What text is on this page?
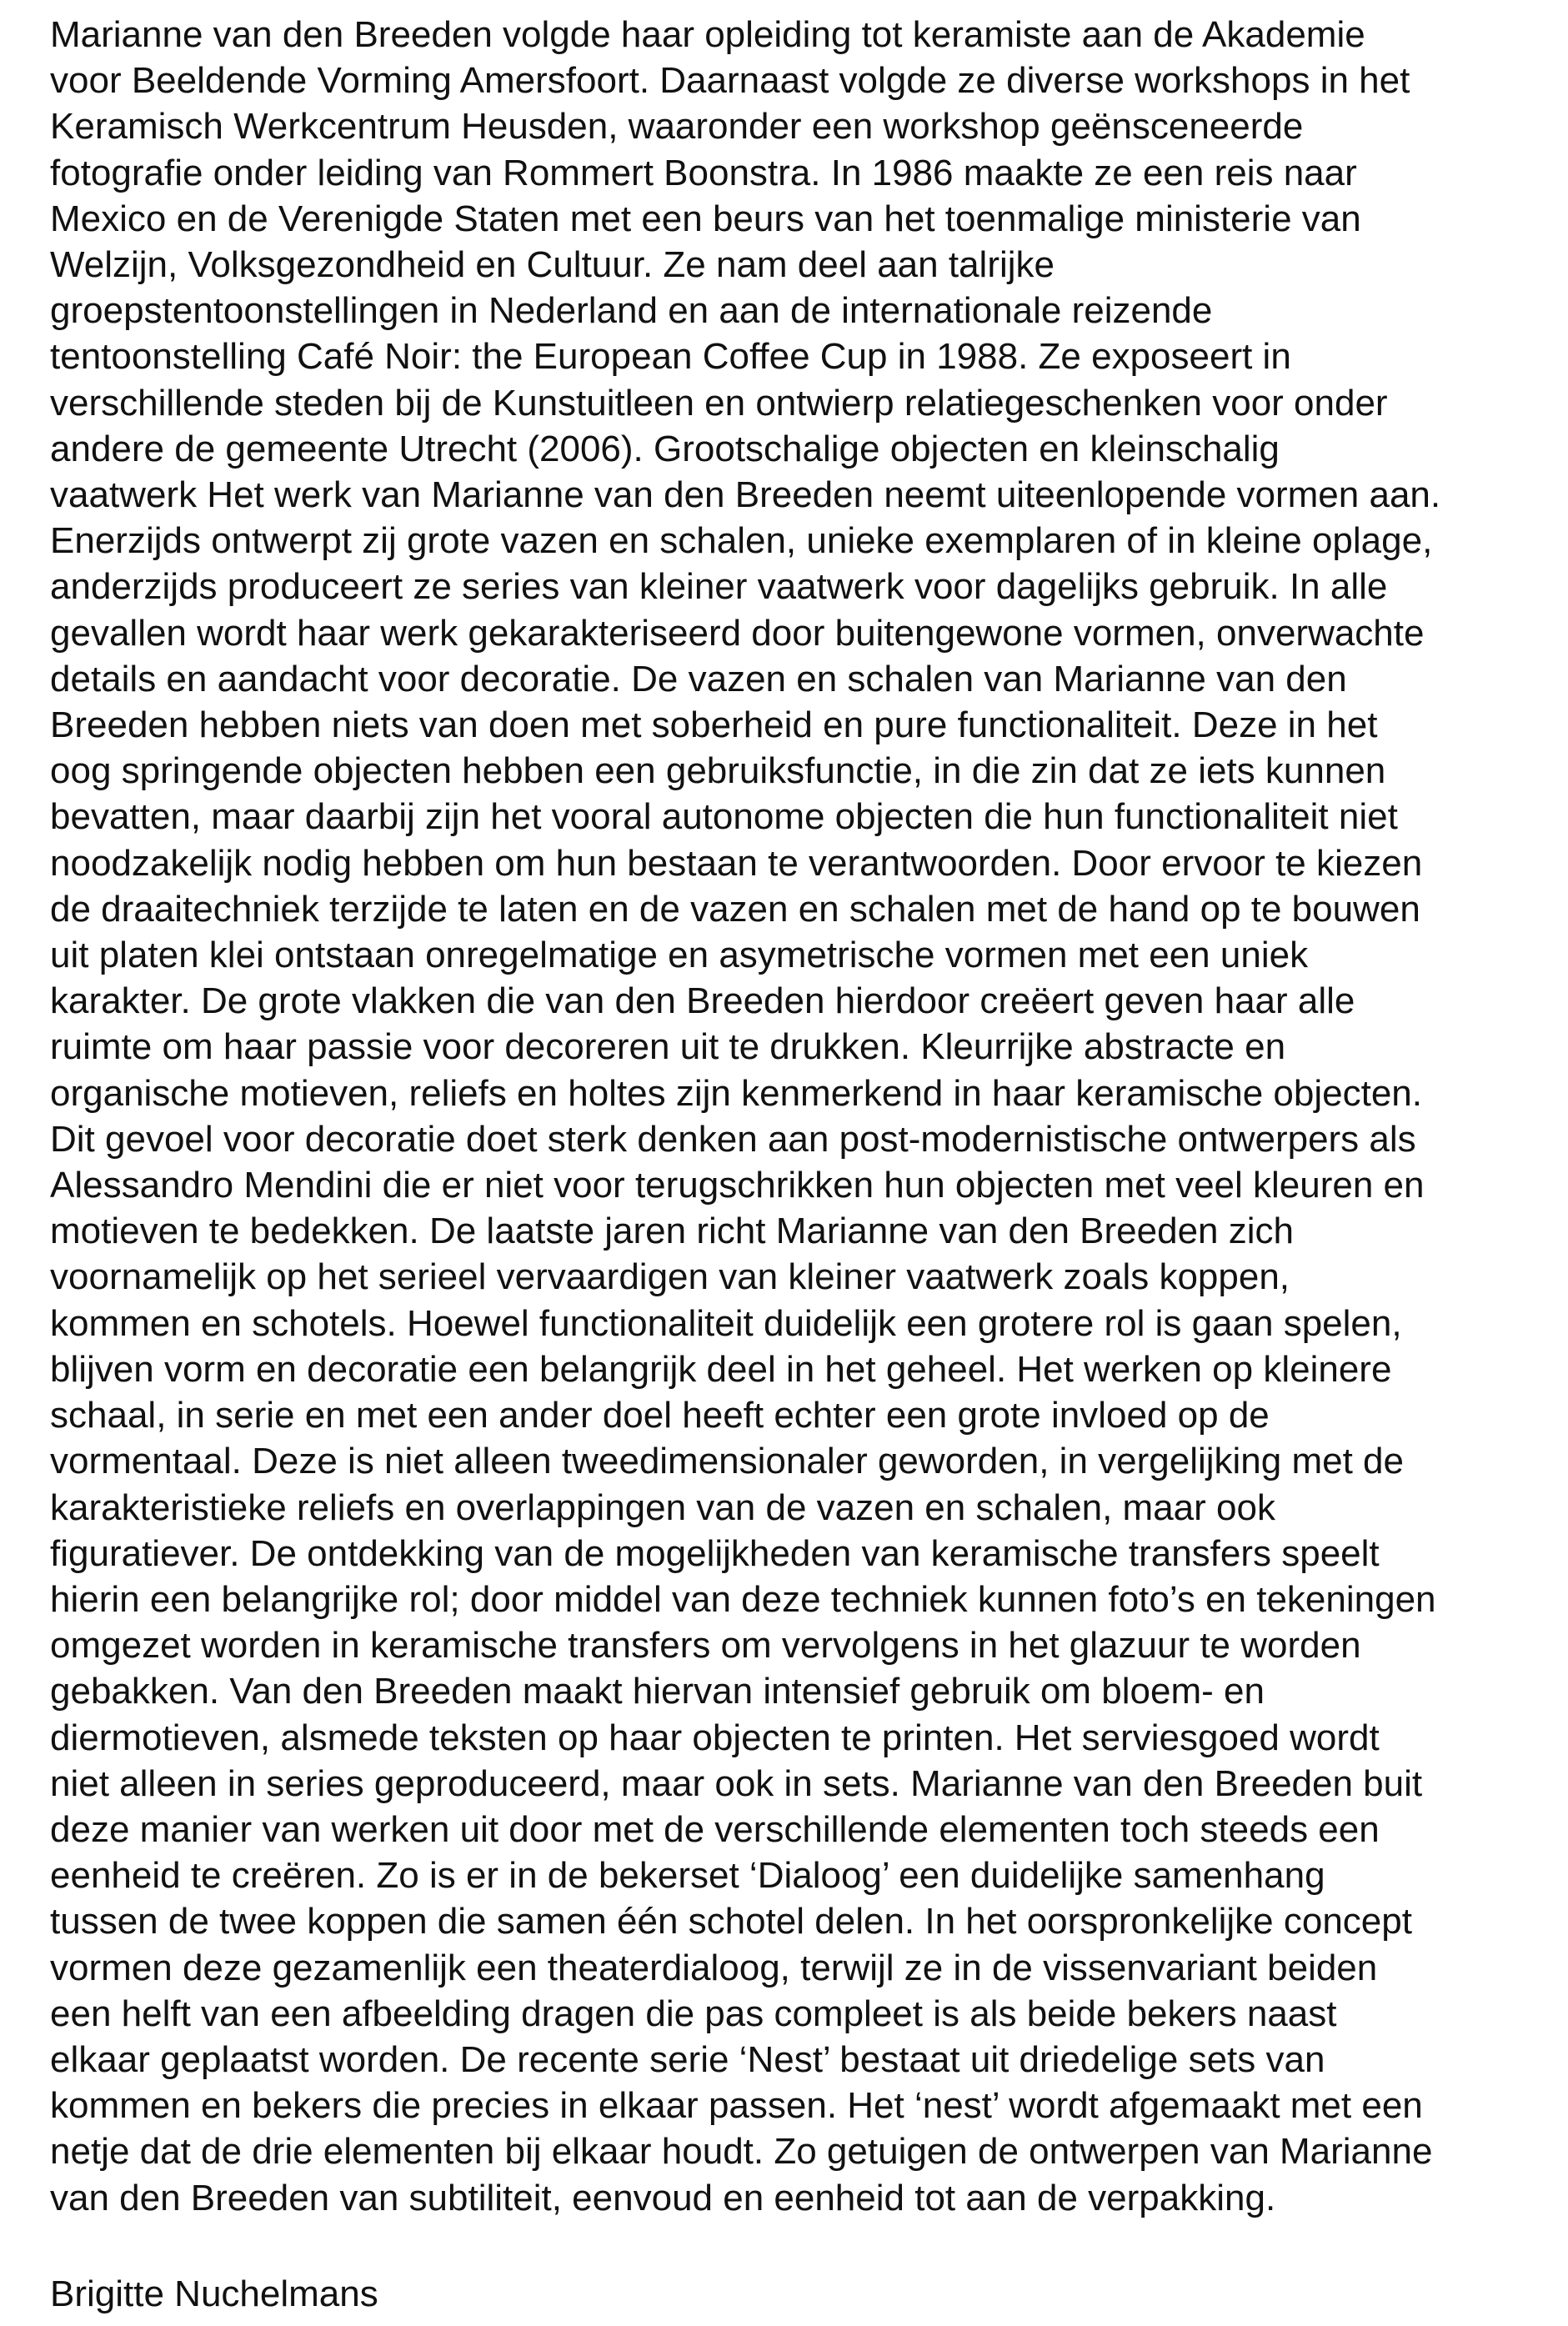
Marianne van den Breeden volgde haar opleiding tot keramiste aan de Akademie
voor Beeldende Vorming Amersfoort. Daarnaast volgde ze diverse workshops in het
Keramisch Werkcentrum Heusden, waaronder een workshop geënsceneerde
fotografie onder leiding van Rommert Boonstra. In 1986 maakte ze een reis naar
Mexico en de Verenigde Staten met een beurs van het toenmalige ministerie van
Welzijn, Volksgezondheid en Cultuur. Ze nam deel aan talrijke
groepstentoonstellingen in Nederland en aan de internationale reizende
tentoonstelling Café Noir: the European Coffee Cup in 1988. Ze exposeert in
verschillende steden bij de Kunstuitleen en ontwierp relatiegeschenken voor onder
andere de gemeente Utrecht (2006). Grootschalige objecten en kleinschalig
vaatwerk Het werk van Marianne van den Breeden neemt uiteenlopende vormen aan.
Enerzijds ontwerpt zij grote vazen en schalen, unieke exemplaren of in kleine oplage,
anderzijds produceert ze series van kleiner vaatwerk voor dagelijks gebruik. In alle
gevallen wordt haar werk gekarakteriseerd door buitengewone vormen, onverwachte
details en aandacht voor decoratie. De vazen en schalen van Marianne van den
Breeden hebben niets van doen met soberheid en pure functionaliteit. Deze in het
oog springende objecten hebben een gebruiksfunctie, in die zin dat ze iets kunnen
bevatten, maar daarbij zijn het vooral autonome objecten die hun functionaliteit niet
noodzakelijk nodig hebben om hun bestaan te verantwoorden. Door ervoor te kiezen
de draaitechniek terzijde te laten en de vazen en schalen met de hand op te bouwen
uit platen klei ontstaan onregelmatige en asymetrische vormen met een uniek
karakter. De grote vlakken die van den Breeden hierdoor creëert geven haar alle
ruimte om haar passie voor decoreren uit te drukken. Kleurrijke abstracte en
organische motieven, reliefs en holtes zijn kenmerkend in haar keramische objecten.
Dit gevoel voor decoratie doet sterk denken aan post-modernistische ontwerpers als
Alessandro Mendini die er niet voor terugschrikken hun objecten met veel kleuren en
motieven te bedekken. De laatste jaren richt Marianne van den Breeden zich
voornamelijk op het serieel vervaardigen van kleiner vaatwerk zoals koppen,
kommen en schotels. Hoewel functionaliteit duidelijk een grotere rol is gaan spelen,
blijven vorm en decoratie een belangrijk deel in het geheel. Het werken op kleinere
schaal, in serie en met een ander doel heeft echter een grote invloed op de
vormentaal. Deze is niet alleen tweedimensionaler geworden, in vergelijking met de
karakteristieke reliefs en overlappingen van de vazen en schalen, maar ook
figuratiever. De ontdekking van de mogelijkheden van keramische transfers speelt
hierin een belangrijke rol; door middel van deze techniek kunnen foto’s en tekeningen
omgezet worden in keramische transfers om vervolgens in het glazuur te worden
gebakken. Van den Breeden maakt hiervan intensief gebruik om bloem- en
diermotieven, alsmede teksten op haar objecten te printen. Het serviesgoed wordt
niet alleen in series geproduceerd, maar ook in sets. Marianne van den Breeden buit
deze manier van werken uit door met de verschillende elementen toch steeds een
eenheid te creëren. Zo is er in de bekerset ‘Dialoog’ een duidelijke samenhang
tussen de twee koppen die samen één schotel delen. In het oorspronkelijke concept
vormen deze gezamenlijk een theaterdialoog, terwijl ze in de vissenvariant beiden
een helft van een afbeelding dragen die pas compleet is als beide bekers naast
elkaar geplaatst worden. De recente serie ‘Nest’ bestaat uit driedelige sets van
kommen en bekers die precies in elkaar passen. Het ‘nest’ wordt afgemaakt met een
netje dat de drie elementen bij elkaar houdt. Zo getuigen de ontwerpen van Marianne
van den Breeden van subtiliteit, eenvoud en eenheid tot aan de verpakking.
Brigitte Nuchelmans
